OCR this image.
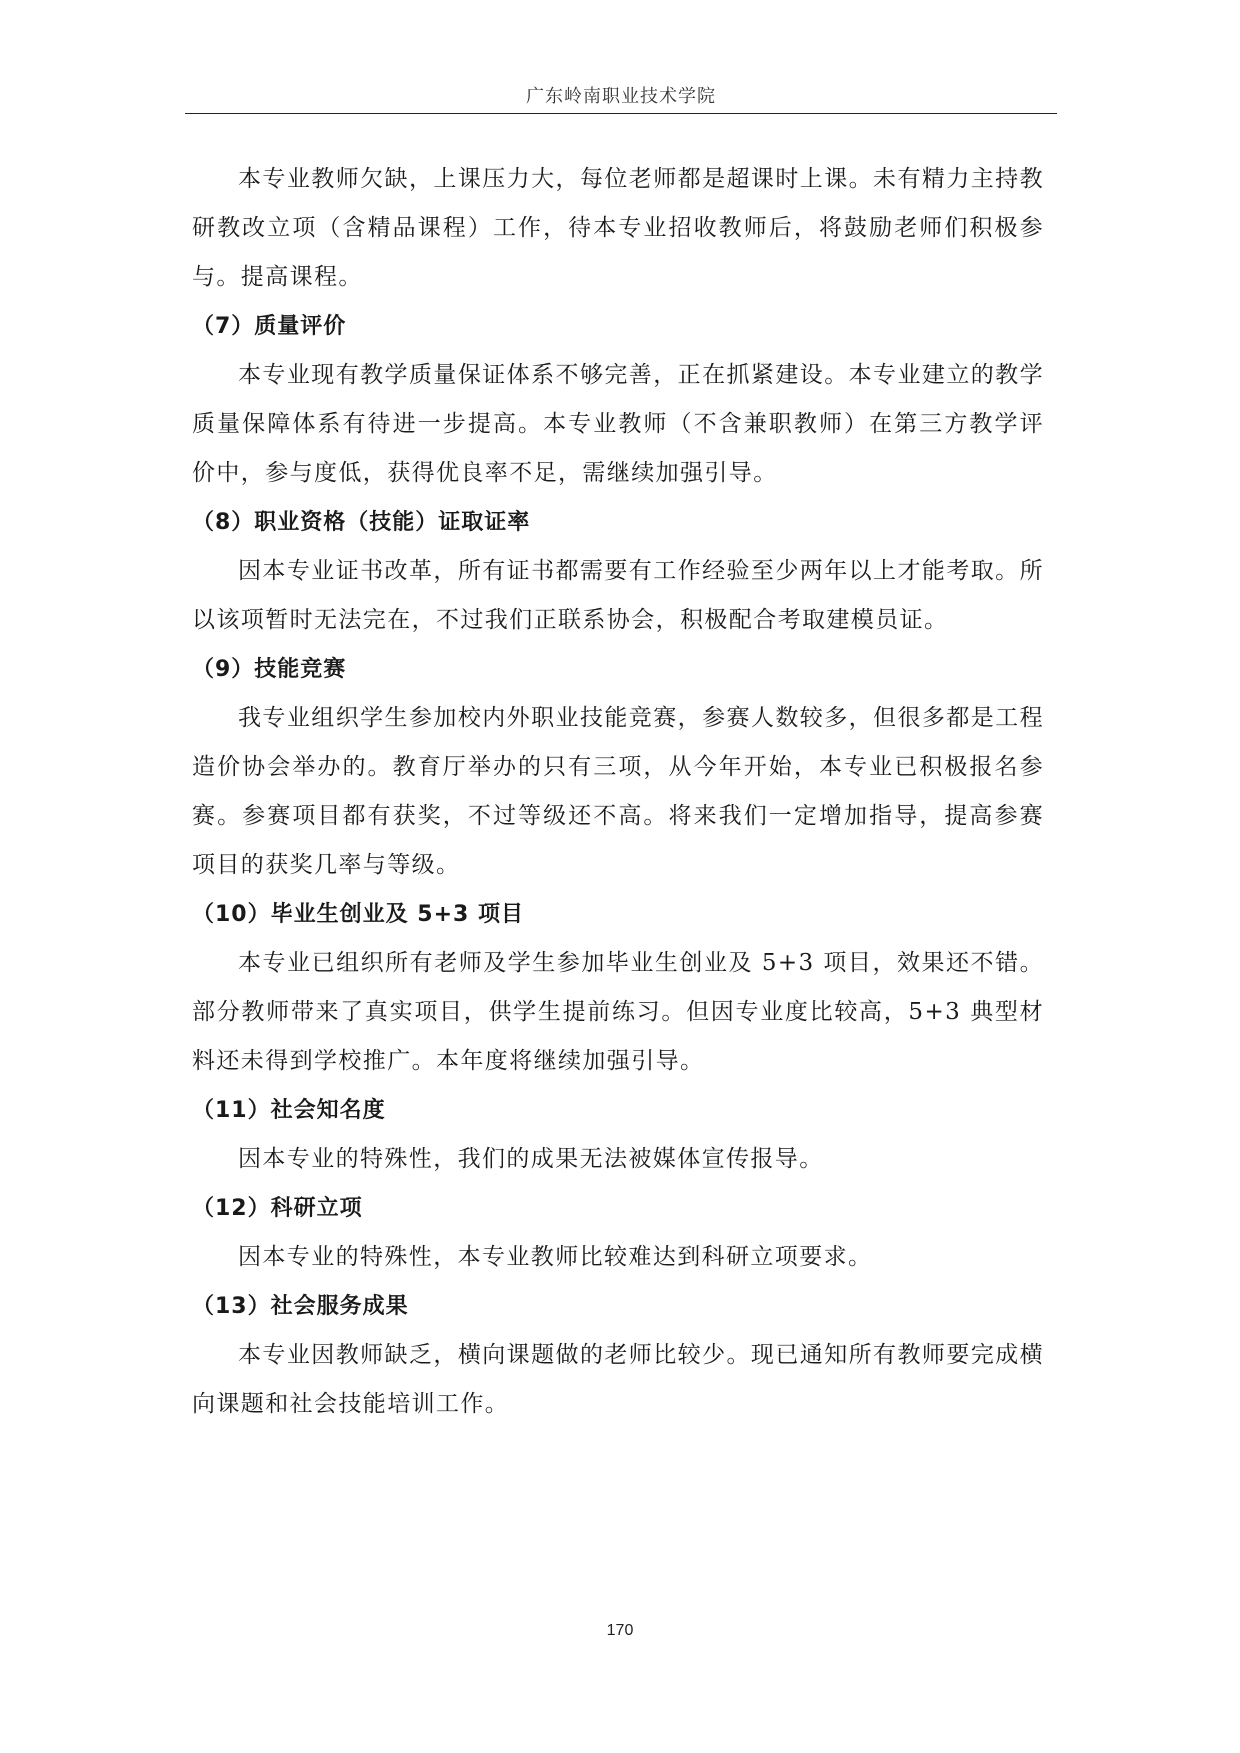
广东岭南职业技术学院

本专业教师欠缺，上课压力大，每位老师都是超课时上课。未有精力主持教研教改立项（含精品课程）工作，待本专业招收教师后，将鼓励老师们积极参与。提高课程。

（7）质量评价

本专业现有教学质量保证体系不够完善，正在抓紧建设。本专业建立的教学质量保障体系有待进一步提高。本专业教师（不含兼职教师）在第三方教学评价中，参与度低，获得优良率不足，需继续加强引导。

（8）职业资格（技能）证取证率

因本专业证书改革，所有证书都需要有工作经验至少两年以上才能考取。所以该项暂时无法完在，不过我们正联系协会，积极配合考取建模员证。

（9）技能竞赛

我专业组织学生参加校内外职业技能竞赛，参赛人数较多，但很多都是工程造价协会举办的。教育厅举办的只有三项，从今年开始，本专业已积极报名参赛。参赛项目都有获奖，不过等级还不高。将来我们一定增加指导，提高参赛项目的获奖几率与等级。

（10）毕业生创业及 5+3 项目

本专业已组织所有老师及学生参加毕业生创业及 5+3 项目，效果还不错。部分教师带来了真实项目，供学生提前练习。但因专业度比较高，5+3 典型材料还未得到学校推广。本年度将继续加强引导。

（11）社会知名度

因本专业的特殊性，我们的成果无法被媒体宣传报导。

（12）科研立项

因本专业的特殊性，本专业教师比较难达到科研立项要求。

（13）社会服务成果

本专业因教师缺乏，横向课题做的老师比较少。现已通知所有教师要完成横向课题和社会技能培训工作。

170
